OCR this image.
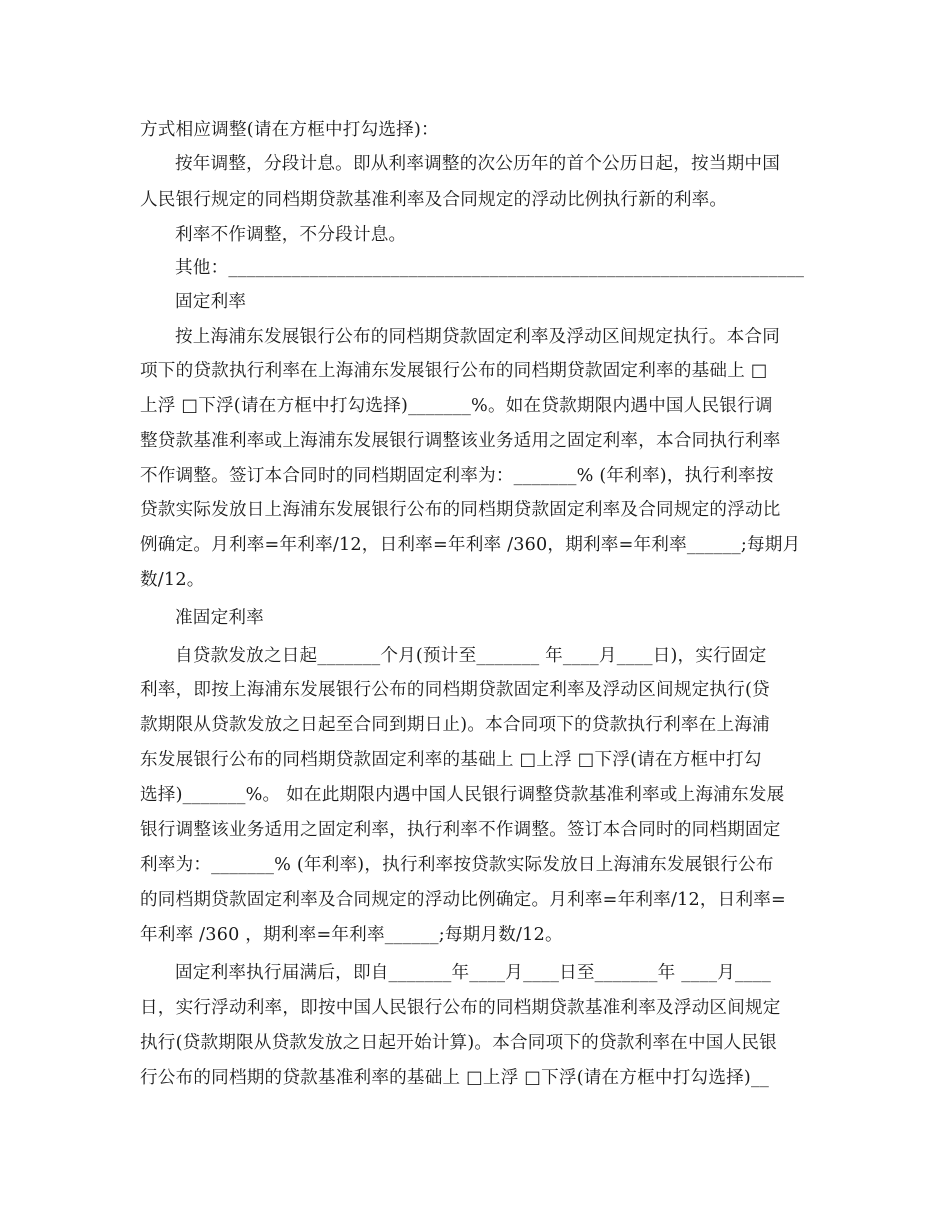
方式相应调整(请在方框中打勾选择)：
按年调整，分段计息。即从利率调整的次公历年的首个公历日起，按当期中国
人民银行规定的同档期贷款基准利率及合同规定的浮动比例执行新的利率。
利率不作调整，不分段计息。
其他：________________________________________________________________
固定利率
按上海浦东发展银行公布的同档期贷款固定利率及浮动区间规定执行。本合同
项下的贷款执行利率在上海浦东发展银行公布的同档期贷款固定利率的基础上 □
上浮 □下浮(请在方框中打勾选择)_______%。如在贷款期限内遇中国人民银行调
整贷款基准利率或上海浦东发展银行调整该业务适用之固定利率，本合同执行利率
不作调整。签订本合同时的同档期固定利率为：_______% (年利率)，执行利率按
贷款实际发放日上海浦东发展银行公布的同档期贷款固定利率及合同规定的浮动比
例确定。月利率=年利率/12，日利率=年利率 /360，期利率=年利率______;每期月
数/12。
准固定利率
自贷款发放之日起_______个月(预计至_______ 年____月____日)，实行固定
利率，即按上海浦东发展银行公布的同档期贷款固定利率及浮动区间规定执行(贷
款期限从贷款发放之日起至合同到期日止)。本合同项下的贷款执行利率在上海浦
东发展银行公布的同档期贷款固定利率的基础上 □上浮 □下浮(请在方框中打勾
选择)_______%。 如在此期限内遇中国人民银行调整贷款基准利率或上海浦东发展
银行调整该业务适用之固定利率，执行利率不作调整。签订本合同时的同档期固定
利率为：_______% (年利率)，执行利率按贷款实际发放日上海浦东发展银行公布
的同档期贷款固定利率及合同规定的浮动比例确定。月利率=年利率/12，日利率=
年利率 /360 ，期利率=年利率______;每期月数/12。
固定利率执行届满后，即自_______年____月____日至_______年 ____月____
日，实行浮动利率，即按中国人民银行公布的同档期贷款基准利率及浮动区间规定
执行(贷款期限从贷款发放之日起开始计算)。本合同项下的贷款利率在中国人民银
行公布的同档期的贷款基准利率的基础上 □上浮 □下浮(请在方框中打勾选择)__
